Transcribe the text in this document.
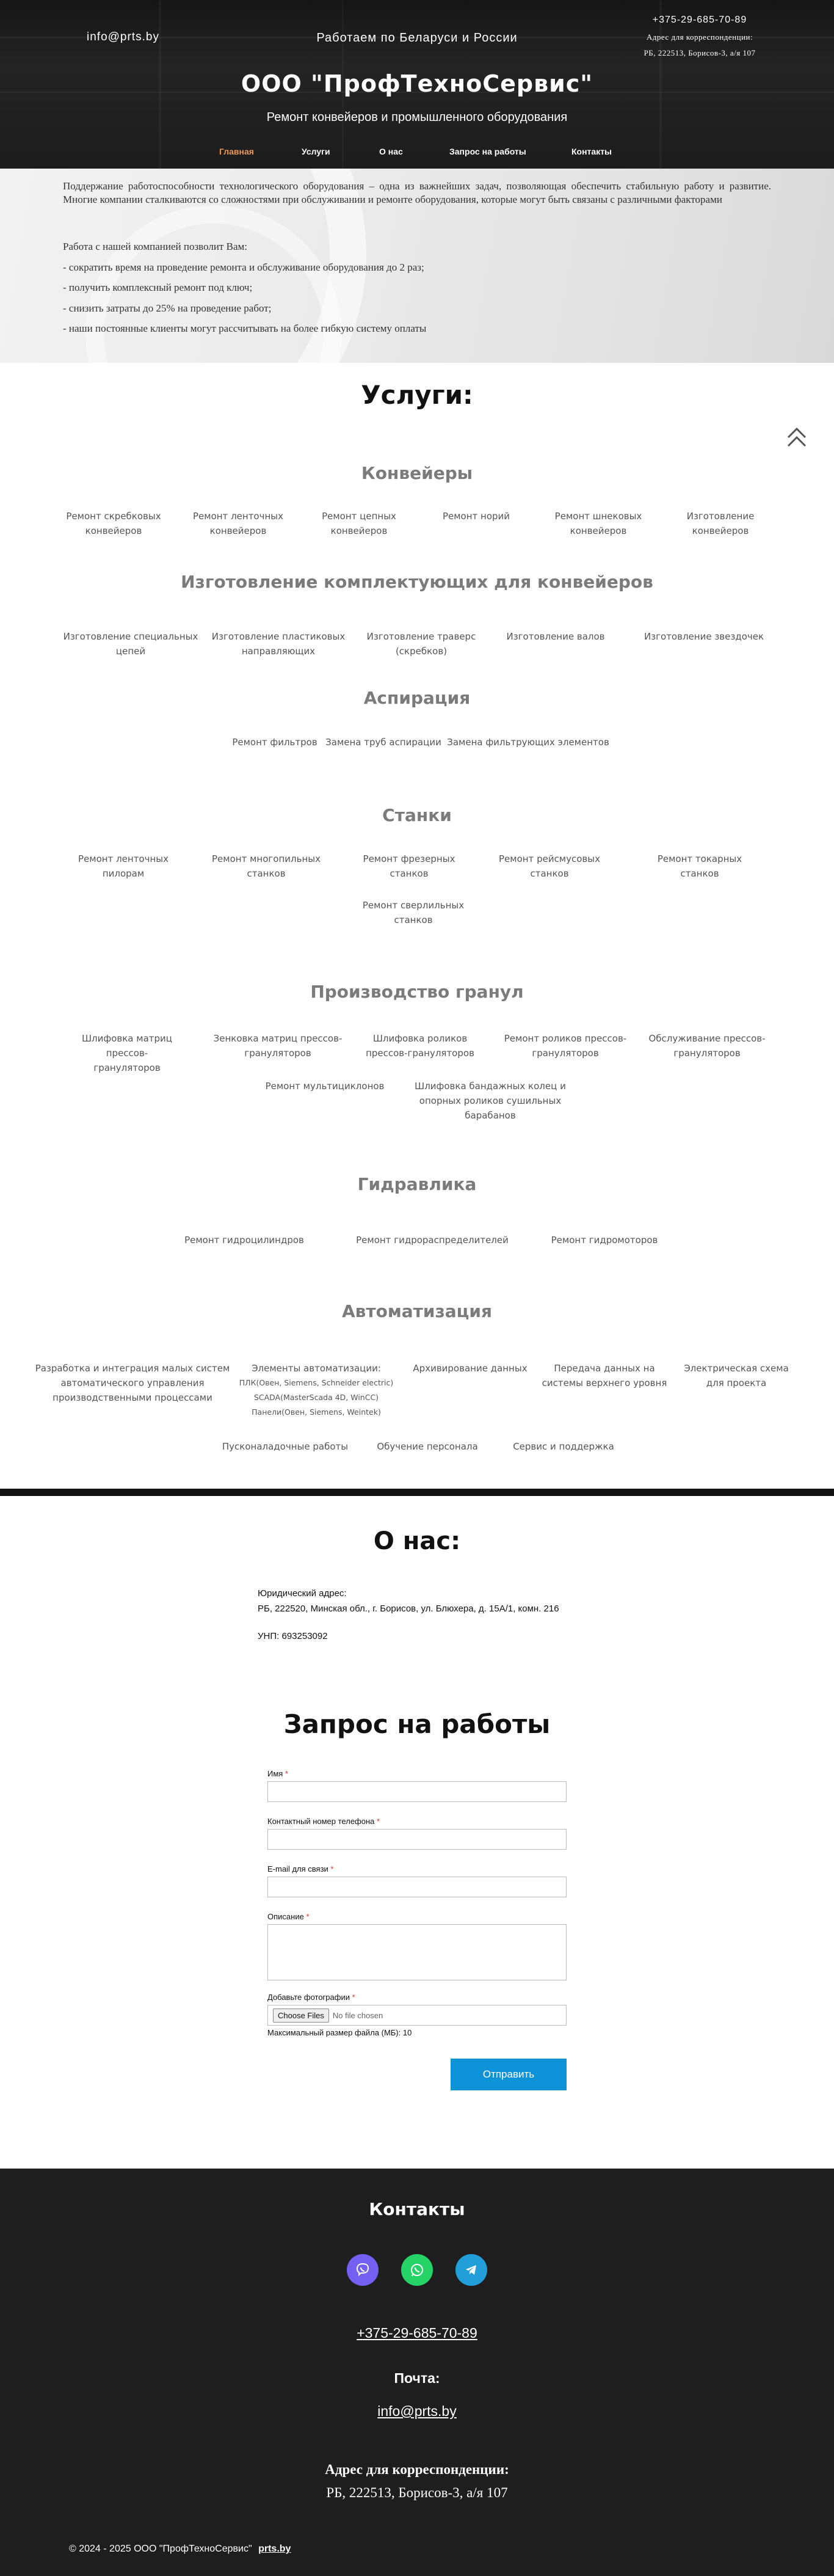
info@prts.by	Работаем по Беларуси и России
+375-29-685-70-89
Адрес для корреспонденции:
РБ, 222513, Борисов-3, а/я 107
ООО "ПрофТехноСервис"
Ремонт конвейеров и промышленного оборудования
Главная	Услуги	О нас	Запрос на работы	Контакты

Поддержание работоспособности технологического оборудования – одна из важнейших задач, позволяющая обеспечить стабильную работу и развитие. Многие компании сталкиваются со сложностями при обслуживании и ремонте оборудования, которые могут быть связаны с различными факторами

Работа с нашей компанией позволит Вам:
- сократить время на проведение ремонта и обслуживание оборудования до 2 раз;
- получить комплексный ремонт под ключ;
- снизить затраты до 25% на проведение работ;
- наши постоянные клиенты могут рассчитывать на более гибкую систему оплаты
Услуги:
Конвейеры
Ремонт скребковых
конвейеров
Ремонт ленточных
конвейеров
Ремонт цепных
конвейеров
Ремонт норий	Ремонт шнековых
конвейеров
Изготовление
конвейеров
Изготовление комплектующих для конвейеров
Изготовление специальных
цепей
Изготовление пластиковых
направляющих
Изготовление траверс
(скребков)
Изготовление валов	Изготовление звездочек
Аспирация
Ремонт фильтров Замена труб аспирации Замена фильтрующих элементов
Станки
Ремонт ленточных
пилорам
Ремонт многопильных
станков
Ремонт фрезерных
станков
Ремонт рейсмусовых
станков
Ремонт токарных
станков
Ремонт сверлильных
станков
Производство гранул
Шлифовка матриц прессов-
грануляторов
Зенковка матриц прессов-
грануляторов
Шлифовка роликов
прессов-грануляторов
Ремонт роликов прессов-
грануляторов
Обслуживание прессов-
грануляторов
Ремонт мультициклонов	Шлифовка бандажных колец и
опорных роликов сушильных
барабанов
Гидравлика
Ремонт гидроцилиндров	Ремонт гидрораспределителей	Ремонт гидромоторов
Автоматизация
Разработка и интеграция малых систем
автоматического управления
производственными процессами
Элементы автоматизации:
ПЛК(Oвен, Siemens, Schneider electric)
SCADA(MasterScada 4D, WinCC)
Панели(Овен, Siemens, Weintek)
Архивирование данных	Передача данных на
системы верхнего уровня
Электрическая схема
для проекта
Пусконаладочные работы	Обучение персонала	Сервис и поддержка
О нас:
Юридический адрес:
РБ, 222520, Минская обл., г. Борисов, ул. Блюхера, д. 15А/1, комн. 216
УНП: 693253092
Запрос на работы
Имя *
Контактный номер телефона *
E-mail для связи *
Описание *
Добавьте фотографии *
Choose Files	No file chosen
Максимальный размер файла (МБ): 10
Отправить
Контакты
+375-29-685-70-89
Почта:
info@prts.by
Адрес для корреспонденции:
РБ, 222513, Борисов-3, а/я 107
© 2024 - 2025 ООО "ПрофТехноСервис" prts.by
